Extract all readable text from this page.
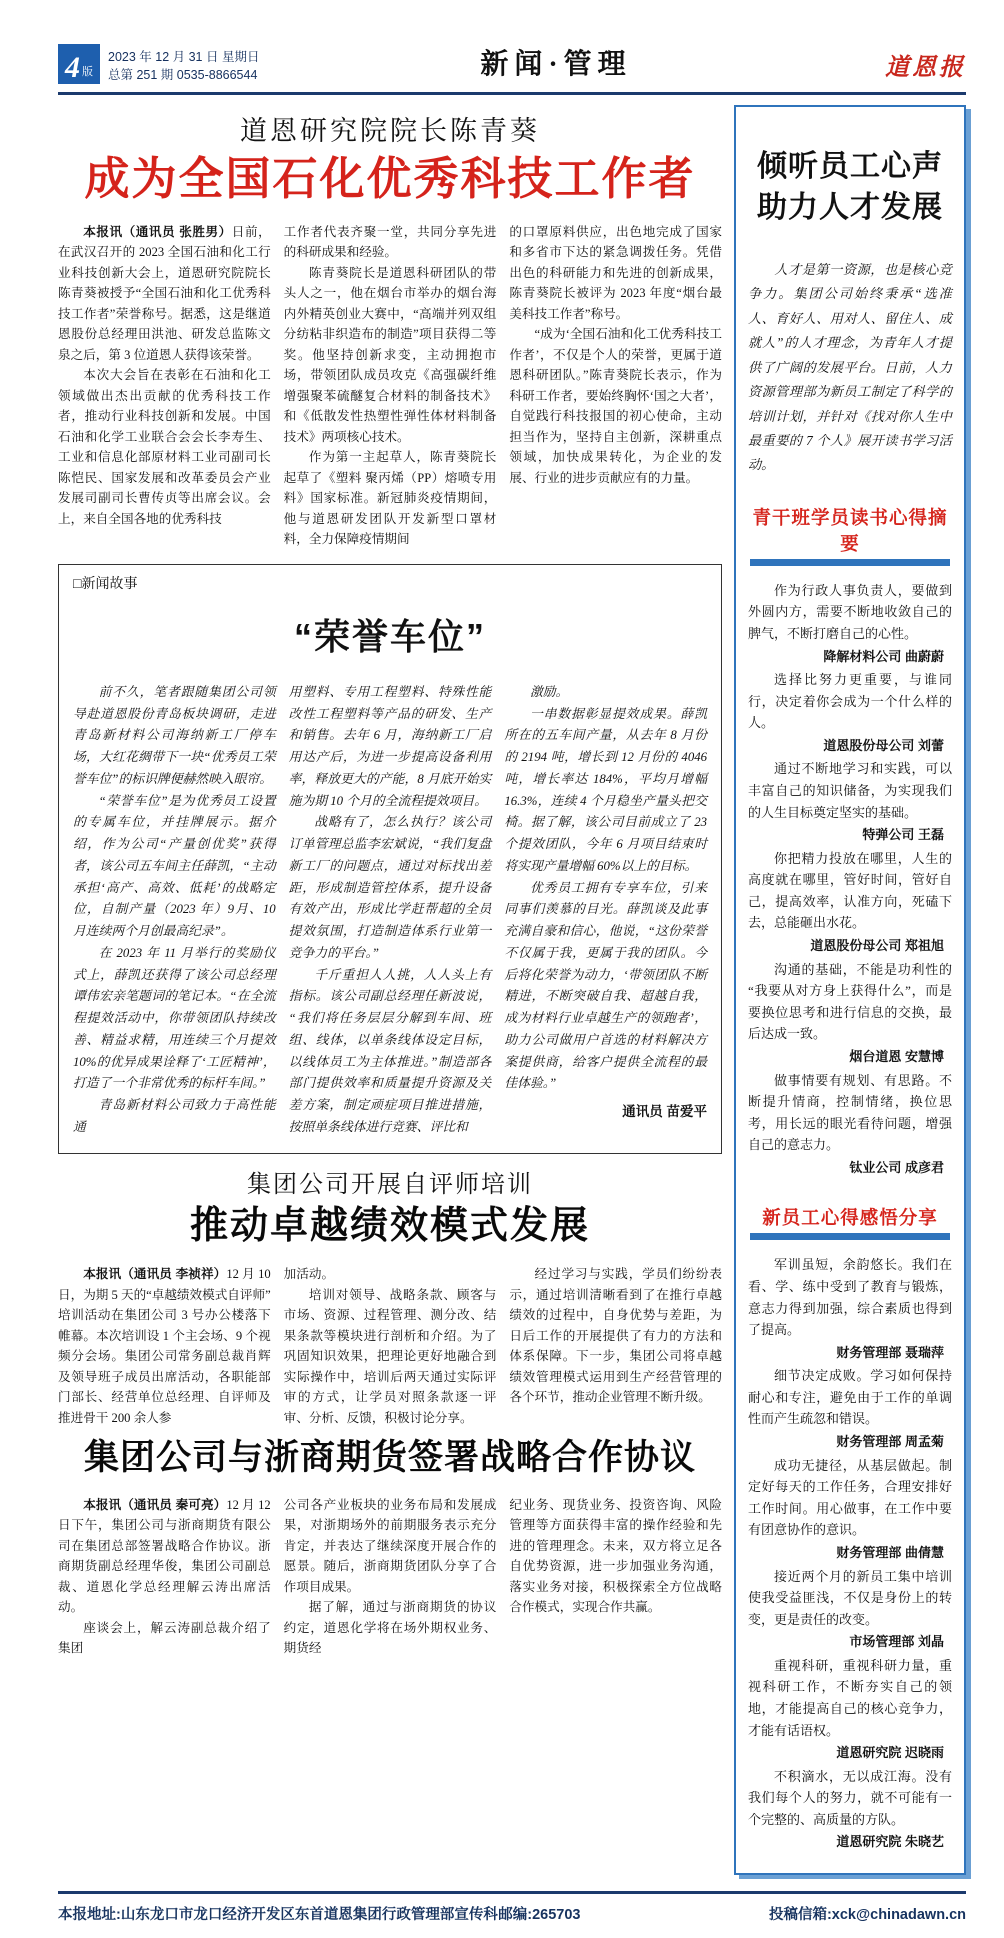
4 版
2023 年 12 月 31 日 星期日
总第 251 期 0535-8866544	新闻·管理	道恩报
道恩研究院院长陈青葵
成为全国石化优秀科技工作者

本报讯（通讯员 张胜男）日前，在武汉召开的 2023 全国石油和化工行业科技创新大会上，道恩研究院院长陈青葵被授予“全国石油和化工优秀科技工作者”荣誉称号。据悉，这是继道恩股份总经理田洪池、研发总监陈文泉之后，第 3 位道恩人获得该荣誉。

本次大会旨在表彰在石油和化工领域做出杰出贡献的优秀科技工作者，推动行业科技创新和发展。中国石油和化学工业联合会会长李寿生、工业和信息化部原材料工业司副司长陈恺民、国家发展和改革委员会产业发展司副司长曹传贞等出席会议。会上，来自全国各地的优秀科技

工作者代表齐聚一堂，共同分享先进的科研成果和经验。

陈青葵院长是道恩科研团队的带头人之一，他在烟台市举办的烟台海内外精英创业大赛中，“高端并列双组分纺粘非织造布的制造”项目获得二等奖。他坚持创新求变，主动拥抱市场，带领团队成员攻克《高强碳纤维增强聚苯硫醚复合材料的制备技术》和《低散发性热塑性弹性体材料制备技术》两项核心技术。

作为第一主起草人，陈青葵院长起草了《塑料 聚丙烯（PP）熔喷专用料》国家标准。新冠肺炎疫情期间，他与道恩研发团队开发新型口罩材料，全力保障疫情期间

的口罩原料供应，出色地完成了国家和多省市下达的紧急调拨任务。凭借出色的科研能力和先进的创新成果，陈青葵院长被评为 2023 年度“烟台最美科技工作者”称号。

“成为‘全国石油和化工优秀科技工作者’，不仅是个人的荣誉，更属于道恩科研团队。”陈青葵院长表示，作为科研工作者，要始终胸怀‘国之大者’，自觉践行科技报国的初心使命，主动担当作为，坚持自主创新，深耕重点领域，加快成果转化，为企业的发展、行业的进步贡献应有的力量。

□新闻故事
“荣誉车位”

前不久，笔者跟随集团公司领导赴道恩股份青岛板块调研，走进青岛新材料公司海纳新工厂停车场，大红花绸带下一块“优秀员工荣誉车位”的标识牌便赫然映入眼帘。

“荣誉车位”是为优秀员工设置的专属车位，并挂牌展示。据介绍，作为公司“产量创优奖”获得者，该公司五车间主任薛凯，“主动承担‘高产、高效、低耗’的战略定位，自制产量（2023 年）9月、10 月连续两个月创最高纪录”。

在 2023 年 11 月举行的奖励仪式上，薛凯还获得了该公司总经理谭伟宏亲笔题词的笔记本。“在全流程提效活动中，你带领团队持续改善、精益求精，用连续三个月提效 10%的优异成果诠释了‘工匠精神’，打造了一个非常优秀的标杆车间。”

青岛新材料公司致力于高性能通

用塑料、专用工程塑料、特殊性能改性工程塑料等产品的研发、生产和销售。去年 6 月，海纳新工厂启用达产后，为进一步提高设备利用率，释放更大的产能，8 月底开始实施为期 10 个月的全流程提效项目。

战略有了，怎么执行？该公司订单管理总监李宏斌说，“我们复盘新工厂的问题点，通过对标找出差距，形成制造管控体系，提升设备有效产出，形成比学赶帮超的全员提效氛围，打造制造体系行业第一竞争力的平台。”

千斤重担人人挑，人人头上有指标。该公司副总经理任新波说，“我们将任务层层分解到车间、班组、线体，以单条线体设定目标，以线体员工为主体推进。”制造部各部门提供效率和质量提升资源及关差方案，制定顽症项目推进措施，按照单条线体进行竞赛、评比和

激励。

一串数据彰显提效成果。薛凯所在的五车间产量，从去年 8 月份的 2194 吨，增长到 12 月份的 4046 吨，增长率达 184%，平均月增幅 16.3%，连续 4 个月稳坐产量头把交椅。据了解，该公司目前成立了 23 个提效团队，今年 6 月项目结束时将实现产量增幅 60%以上的目标。

优秀员工拥有专享车位，引来同事们羡慕的目光。薛凯谈及此事充满自豪和信心，他说，“这份荣誉不仅属于我，更属于我的团队。今后将化荣誉为动力，‘带领团队不断精进，不断突破自我、超越自我，成为材料行业卓越生产的领跑者’，助力公司做用户首选的材料解决方案提供商，给客户提供全流程的最佳体验。”

通讯员 苗爱平

集团公司开展自评师培训
推动卓越绩效模式发展

本报讯（通讯员 李祯祥）12 月 10 日，为期 5 天的“卓越绩效模式自评师”培训活动在集团公司 3 号办公楼落下帷幕。本次培训设 1 个主会场、9 个视频分会场。集团公司常务副总裁肖辉及领导班子成员出席活动，各职能部门部长、经营单位总经理、自评师及推进骨干 200 余人参

加活动。

培训对领导、战略条款、顾客与市场、资源、过程管理、测分改、结果条款等模块进行剖析和介绍。为了巩固知识效果，把理论更好地融合到实际操作中，培训后两天通过实际评审的方式，让学员对照条款逐一评审、分析、反馈，积极讨论分享。

经过学习与实践，学员们纷纷表示，通过培训清晰看到了在推行卓越绩效的过程中，自身优势与差距，为日后工作的开展提供了有力的方法和体系保障。下一步，集团公司将卓越绩效管理模式运用到生产经营管理的各个环节，推动企业管理不断升级。

集团公司与浙商期货签署战略合作协议

本报讯（通讯员 秦可亮）12 月 12 日下午，集团公司与浙商期货有限公司在集团总部签署战略合作协议。浙商期货副总经理华俊，集团公司副总裁、道恩化学总经理解云涛出席活动。

座谈会上，解云涛副总裁介绍了集团

公司各产业板块的业务布局和发展成果，对浙期场外的前期服务表示充分肯定，并表达了继续深度开展合作的愿景。随后，浙商期货团队分享了合作项目成果。

据了解，通过与浙商期货的协议约定，道恩化学将在场外期权业务、期货经

纪业务、现货业务、投资咨询、风险管理等方面获得丰富的操作经验和先进的管理理念。未来，双方将立足各自优势资源，进一步加强业务沟通，落实业务对接，积极探索全方位战略合作模式，实现合作共赢。

倾听员工心声
助力人才发展

人才是第一资源，也是核心竞争力。集团公司始终秉承“选准人、育好人、用对人、留住人、成就人”的人才理念，为青年人才提供了广阔的发展平台。日前，人力资源管理部为新员工制定了科学的培训计划，并针对《找对你人生中最重要的 7 个人》展开读书学习活动。

青干班学员读书心得摘要

作为行政人事负责人，要做到外圆内方，需要不断地收敛自己的脾气，不断打磨自己的心性。

降解材料公司 曲蔚蔚

选择比努力更重要，与谁同行，决定着你会成为一个什么样的人。

道恩股份母公司 刘蕾

通过不断地学习和实践，可以丰富自己的知识储备，为实现我们的人生目标奠定坚实的基础。

特弹公司 王磊

你把精力投放在哪里，人生的高度就在哪里，管好时间，管好自己，提高效率，认准方向，死磕下去，总能砸出水花。

道恩股份母公司 郑祖旭

沟通的基础，不能是功利性的“我要从对方身上获得什么”，而是要换位思考和进行信息的交换，最后达成一致。

烟台道恩 安慧博

做事情要有规划、有思路。不断提升情商，控制情绪，换位思考，用长远的眼光看待问题，增强自己的意志力。

钛业公司 成彦君

新员工心得感悟分享

军训虽短，余韵悠长。我们在看、学、练中受到了教育与锻炼，意志力得到加强，综合素质也得到了提高。

财务管理部 聂瑞萍

细节决定成败。学习如何保持耐心和专注，避免由于工作的单调性而产生疏忽和错误。

财务管理部 周孟菊

成功无捷径，从基层做起。制定好每天的工作任务，合理安排好工作时间。用心做事，在工作中要有团意协作的意识。

财务管理部 曲倩慧

接近两个月的新员工集中培训使我受益匪浅，不仅是身份上的转变，更是责任的改变。

市场管理部 刘晶

重视科研，重视科研力量，重视科研工作，不断夯实自己的领地，才能提高自己的核心竞争力，才能有话语权。

道恩研究院 迟晓雨

不积滴水，无以成江海。没有我们每个人的努力，就不可能有一个完整的、高质量的方队。

道恩研究院 朱晓艺

本报地址:山东龙口市龙口经济开发区东首道恩集团行政管理部宣传科 邮编:265703	投稿信箱:xck@chinadawn.cn
